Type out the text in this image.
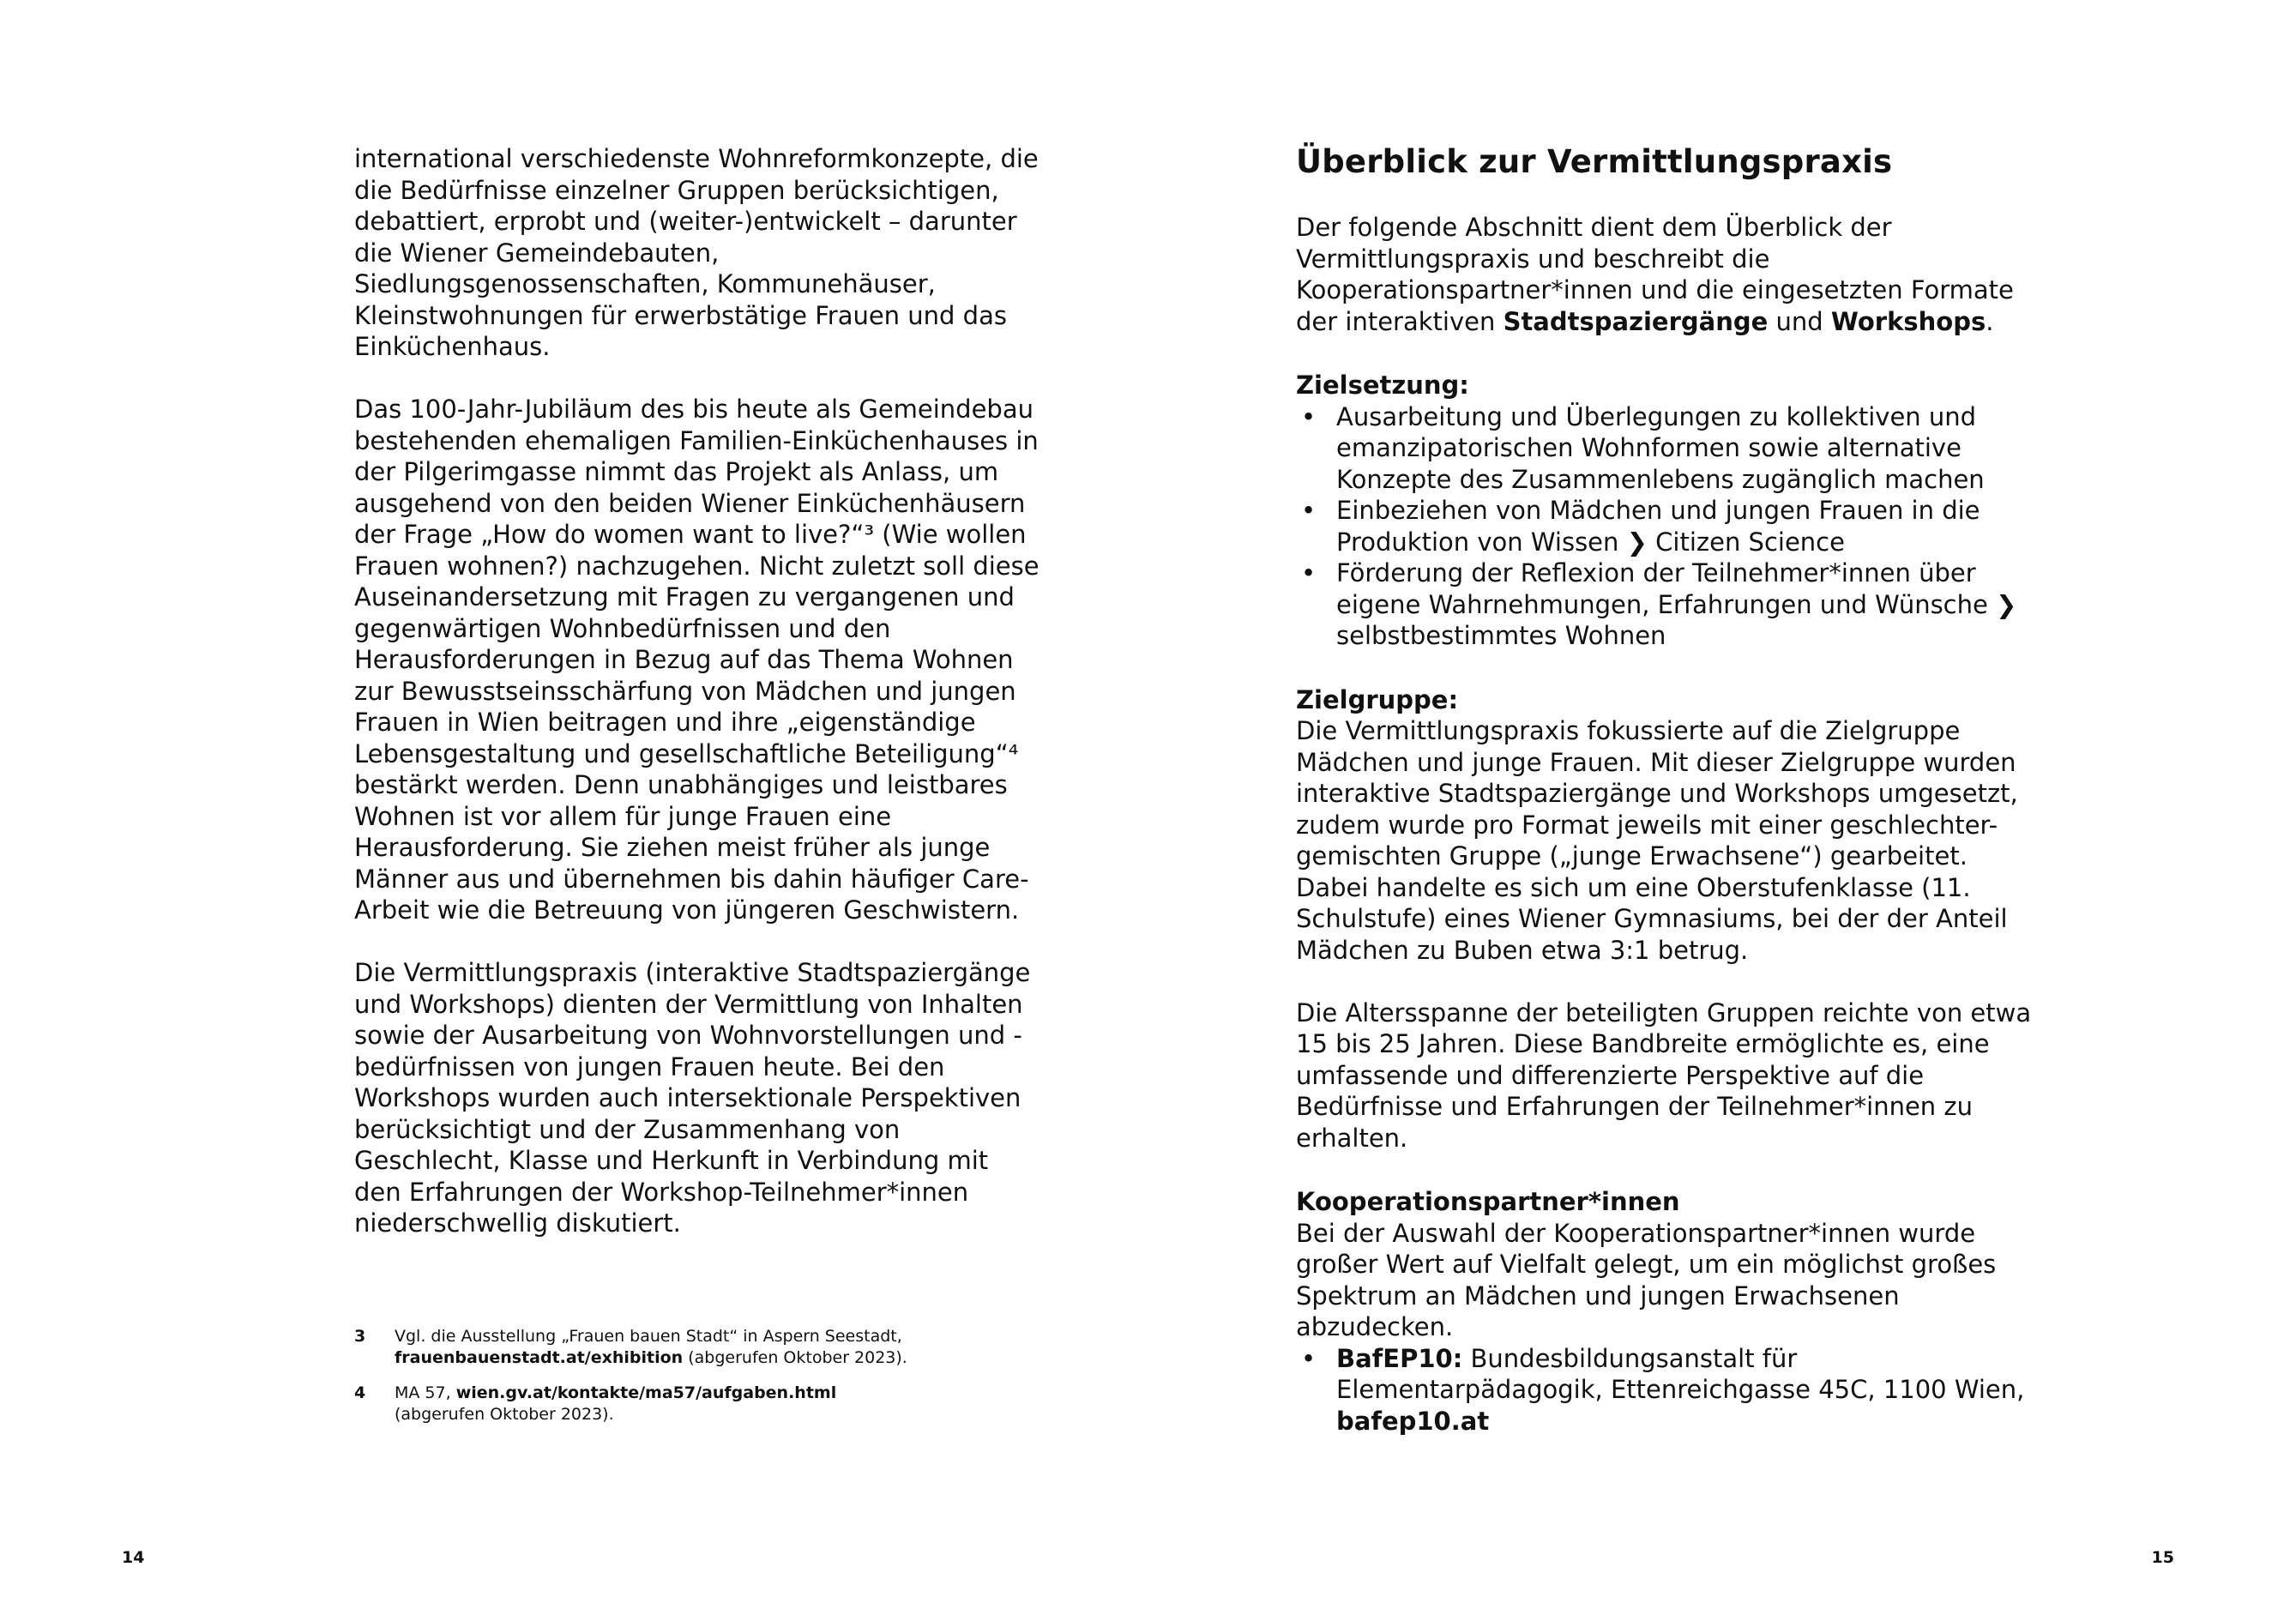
international verschiedenste Wohnreformkonzepte, die die Bedürfnisse einzelner Gruppen berücksichtigen, debattiert, erprobt und (weiter-)entwickelt – darunter die Wiener Gemeindebauten, Siedlungsgenossenschaften, Kommunehäuser, Kleinstwohnungen für erwerbstätige Frauen und das Einküchenhaus.

Das 100-Jahr-Jubiläum des bis heute als Gemeindebau bestehenden ehemaligen Familien-Einküchenhauses in der Pilgerimgasse nimmt das Projekt als Anlass, um ausgehend von den beiden Wiener Einküchenhäusern der Frage „How do women want to live?“³ (Wie wollen Frauen wohnen?) nachzugehen. Nicht zuletzt soll diese Auseinandersetzung mit Fragen zu vergangenen und gegenwärtigen Wohnbedürfnissen und den Herausforderungen in Bezug auf das Thema Wohnen zur Bewusstseinsschärfung von Mädchen und jungen Frauen in Wien beitragen und ihre „eigenständige Lebensgestaltung und gesellschaftliche Beteiligung“⁴ bestärkt werden. Denn unabhängiges und leistbares Wohnen ist vor allem für junge Frauen eine Herausforderung. Sie ziehen meist früher als junge Männer aus und übernehmen bis dahin häufiger Care-Arbeit wie die Betreuung von jüngeren Geschwistern.

Die Vermittlungspraxis (interaktive Stadtspaziergänge und Workshops) dienten der Vermittlung von Inhalten sowie der Ausarbeitung von Wohnvorstellungen und -bedürfnissen von jungen Frauen heute. Bei den Workshops wurden auch intersektionale Perspektiven berücksichtigt und der Zusammenhang von Geschlecht, Klasse und Herkunft in Verbindung mit den Erfahrungen der Workshop-Teilnehmer*innen niederschwellig diskutiert.

3 Vgl. die Ausstellung „Frauen bauen Stadt“ in Aspern Seestadt,
frauenbauenstadt.at/exhibition (abgerufen Oktober 2023).
4 MA 57, wien.gv.at/kontakte/ma57/aufgaben.html
(abgerufen Oktober 2023).
14
Überblick zur Vermittlungspraxis

Der folgende Abschnitt dient dem Überblick der Vermittlungspraxis und beschreibt die Kooperationspartner*innen und die eingesetzten Formate der interaktiven Stadtspaziergänge und Workshops.

Zielsetzung:

• Ausarbeitung und Überlegungen zu kollektiven und emanzipatorischen Wohnformen sowie alternative Konzepte des Zusammenlebens zugänglich machen
• Einbeziehen von Mädchen und jungen Frauen in die Produktion von Wissen ❯ Citizen Science
• Förderung der Reflexion der Teilnehmer*innen über eigene Wahrnehmungen, Erfahrungen und Wünsche ❯ selbstbestimmtes Wohnen

Zielgruppe:

Die Vermittlungspraxis fokussierte auf die Zielgruppe Mädchen und junge Frauen. Mit dieser Zielgruppe wurden interaktive Stadtspaziergänge und Workshops umgesetzt, zudem wurde pro Format jeweils mit einer geschlechter-gemischten Gruppe („junge Erwachsene“) gearbeitet. Dabei handelte es sich um eine Oberstufenklasse (11. Schulstufe) eines Wiener Gymnasiums, bei der der Anteil Mädchen zu Buben etwa 3:1 betrug.

Die Altersspanne der beteiligten Gruppen reichte von etwa 15 bis 25 Jahren. Diese Bandbreite ermöglichte es, eine umfassende und differenzierte Perspektive auf die Bedürfnisse und Erfahrungen der Teilnehmer*innen zu erhalten.

Kooperationspartner*innen

Bei der Auswahl der Kooperationspartner*innen wurde großer Wert auf Vielfalt gelegt, um ein möglichst großes Spektrum an Mädchen und jungen Erwachsenen abzudecken.

• BafEP10: Bundesbildungsanstalt für Elementarpädagogik, Ettenreichgasse 45C, 1100 Wien, bafep10.at
15
